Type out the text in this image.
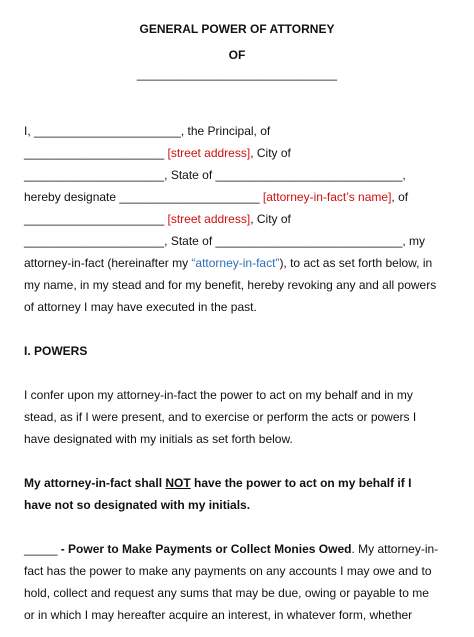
GENERAL POWER OF ATTORNEY
OF
______________________________
I, ______________________, the Principal, of
_____________________ [street address], City of
_____________________, State of ____________________________,
hereby designate _____________________ [attorney-in-fact’s name], of
_____________________ [street address], City of
_____________________, State of ____________________________, my
attorney-in-fact (hereinafter my “attorney-in-fact”), to act as set forth below, in
my name, in my stead and for my benefit, hereby revoking any and all powers
of attorney I may have executed in the past.
I. POWERS
I confer upon my attorney-in-fact the power to act on my behalf and in my
stead, as if I were present, and to exercise or perform the acts or powers I
have designated with my initials as set forth below.
My attorney-in-fact shall NOT have the power to act on my behalf if I
have not so designated with my initials.
_____ - Power to Make Payments or Collect Monies Owed. My attorney-in-
fact has the power to make any payments on any accounts I may owe and to
hold, collect and request any sums that may be due, owing or payable to me
or in which I may hereafter acquire an interest, in whatever form, whether
